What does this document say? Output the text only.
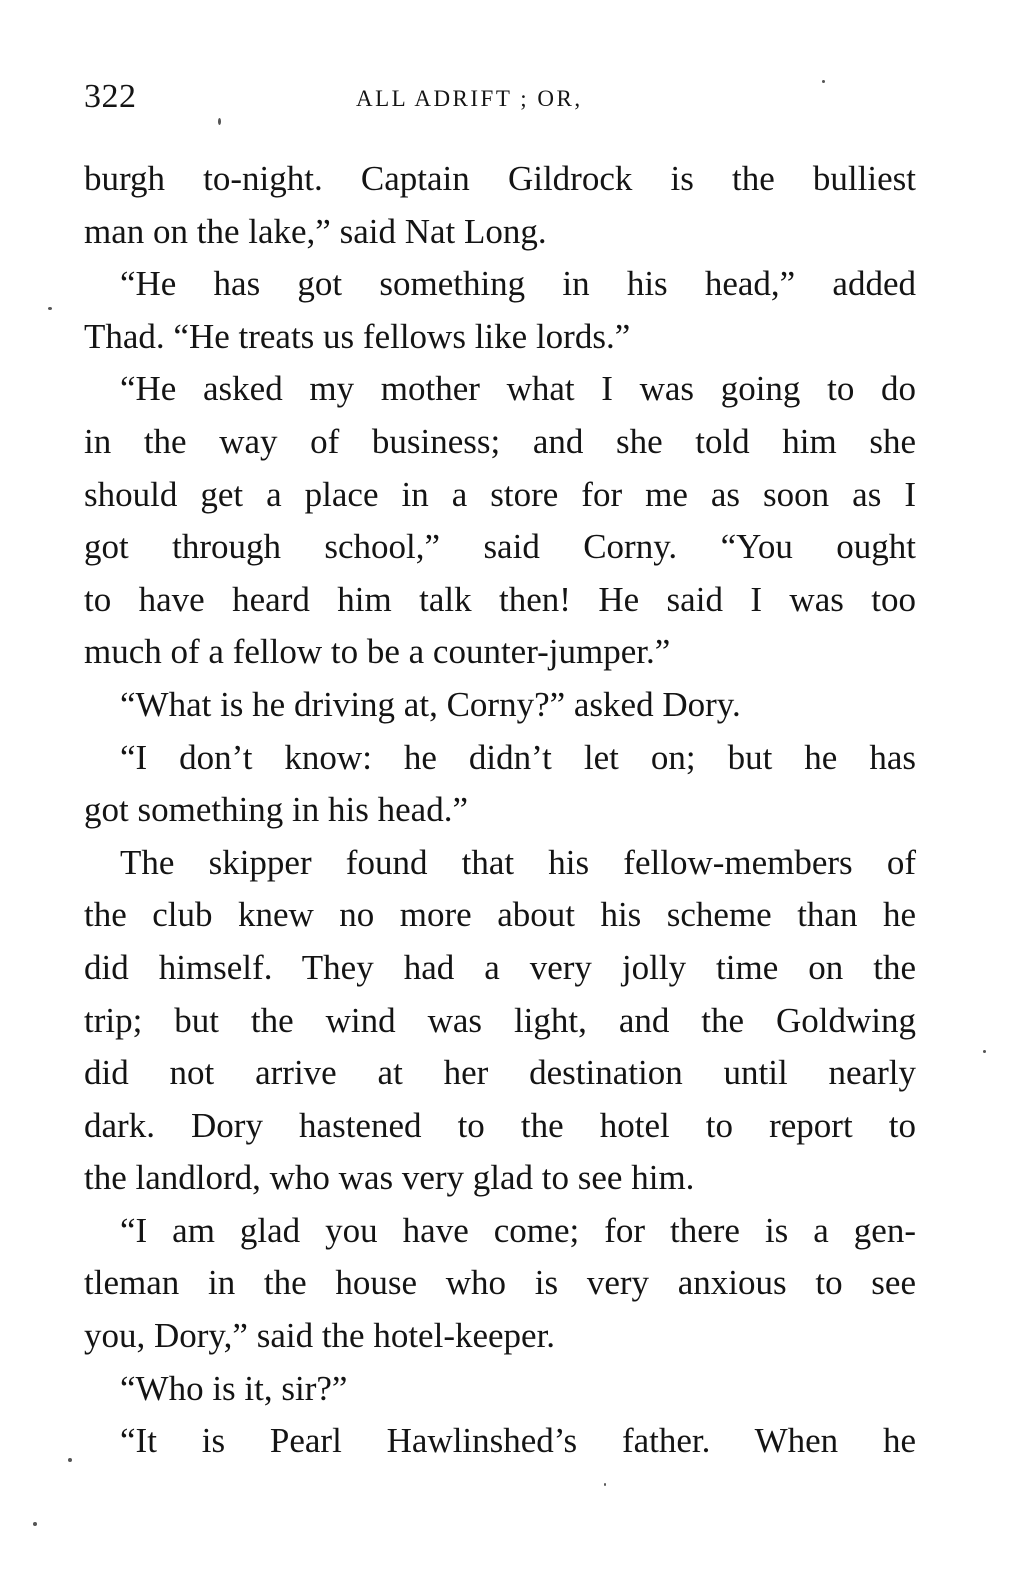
322	ALL ADRIFT ; OR,
burgh to-night. Captain Gildrock is the bulliest
man on the lake,” said Nat Long.
“He has got something in his head,” added
Thad. “He treats us fellows like lords.”
“He asked my mother what I was going to do
in the way of business; and she told him she
should get a place in a store for me as soon as I
got through school,” said Corny. “You ought
to have heard him talk then! He said I was too
much of a fellow to be a counter-jumper.”
“What is he driving at, Corny?” asked Dory.
“I don’t know: he didn’t let on; but he has
got something in his head.”
The skipper found that his fellow-members of
the club knew no more about his scheme than he
did himself. They had a very jolly time on the
trip; but the wind was light, and the Goldwing
did not arrive at her destination until nearly
dark. Dory hastened to the hotel to report to
the landlord, who was very glad to see him.
“I am glad you have come; for there is a gen-
tleman in the house who is very anxious to see
you, Dory,” said the hotel-keeper.
“Who is it, sir?”
“It is Pearl Hawlinshed’s father. When he
